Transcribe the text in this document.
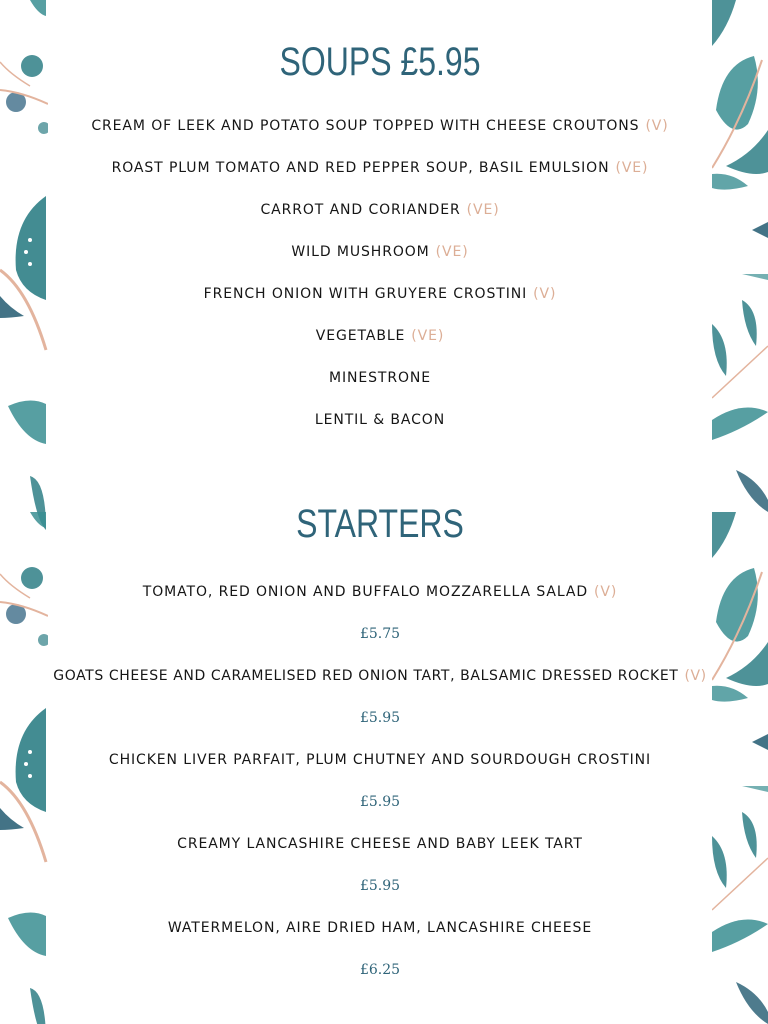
SOUPS £5.95
CREAM OF LEEK AND POTATO SOUP TOPPED WITH CHEESE CROUTONS (V)
ROAST PLUM TOMATO AND RED PEPPER SOUP, BASIL EMULSION (VE)
CARROT AND CORIANDER (VE)
WILD MUSHROOM (VE)
FRENCH ONION WITH GRUYERE CROSTINI (V)
VEGETABLE (VE)
MINESTRONE
LENTIL & BACON
STARTERS
TOMATO, RED ONION AND BUFFALO MOZZARELLA SALAD (V)
£5.75
GOATS CHEESE AND CARAMELISED RED ONION TART, BALSAMIC DRESSED ROCKET (V)
£5.95
CHICKEN LIVER PARFAIT, PLUM CHUTNEY AND SOURDOUGH CROSTINI
£5.95
CREAMY LANCASHIRE CHEESE AND BABY LEEK TART
£5.95
WATERMELON, AIRE DRIED HAM, LANCASHIRE CHEESE
£6.25
